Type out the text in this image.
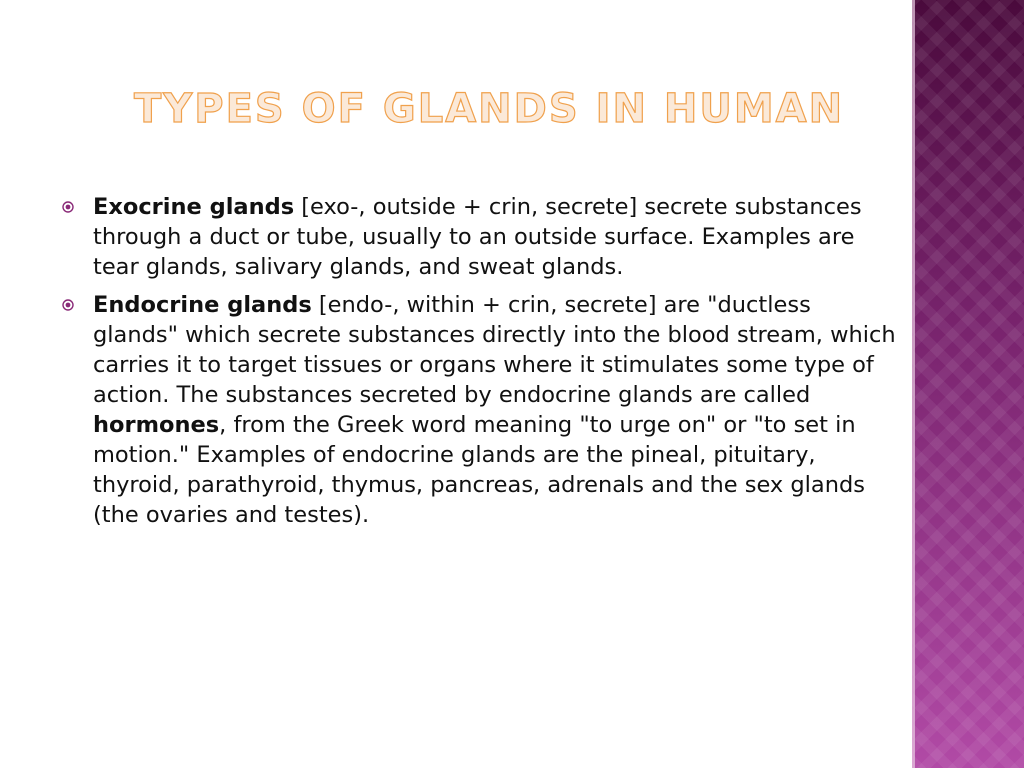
TYPES OF GLANDS IN HUMAN
Exocrine glands [exo-, outside + crin, secrete] secrete substances through a duct or tube, usually to an outside surface. Examples are tear glands, salivary glands, and sweat glands.
Endocrine glands [endo-, within + crin, secrete] are "ductless glands" which secrete substances directly into the blood stream, which carries it to target tissues or organs where it stimulates some type of action. The substances secreted by endocrine glands are called hormones, from the Greek word meaning "to urge on" or "to set in motion." Examples of endocrine glands are the pineal, pituitary, thyroid, parathyroid, thymus, pancreas, adrenals and the sex glands (the ovaries and testes).
